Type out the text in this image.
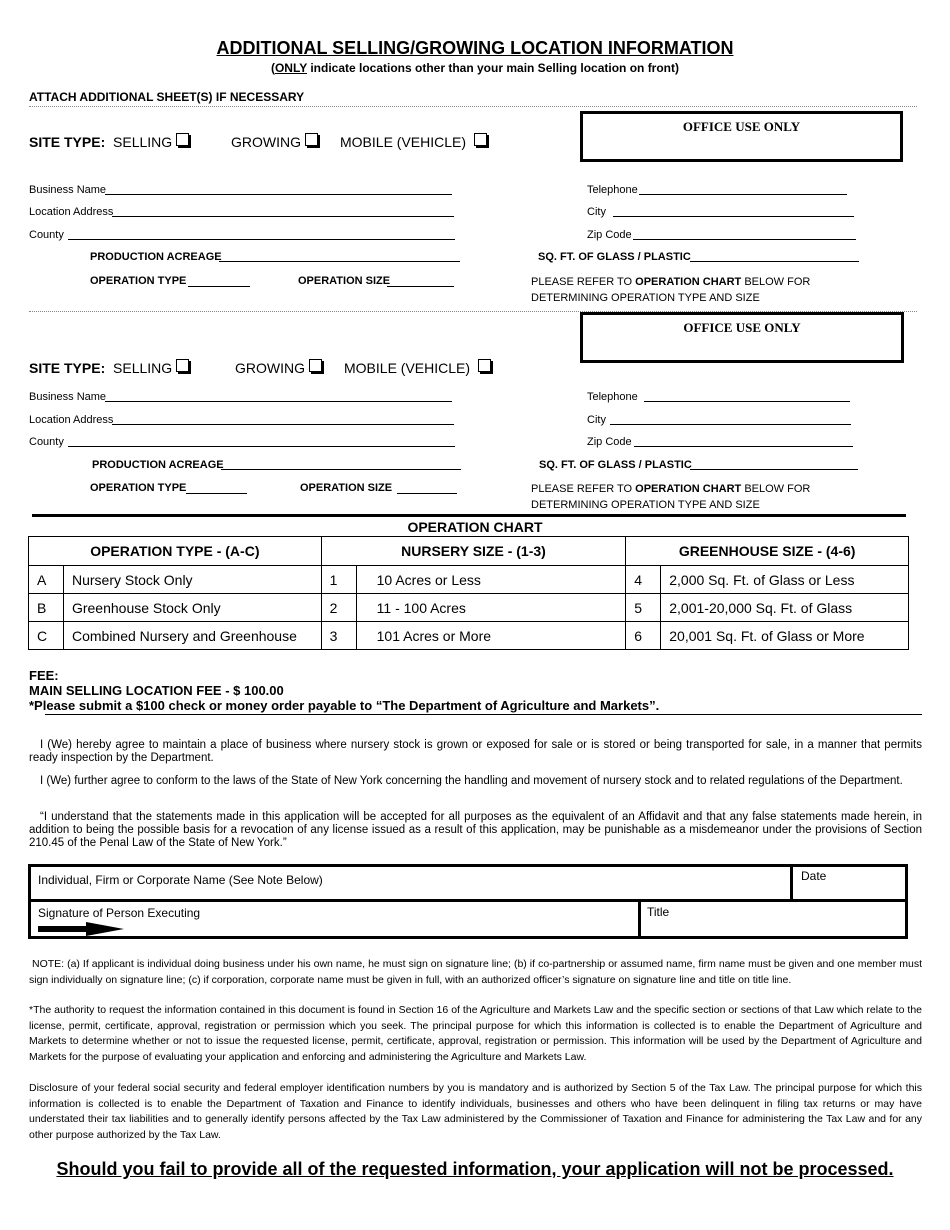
ADDITIONAL SELLING/GROWING LOCATION INFORMATION
(ONLY indicate locations other than your main Selling location on front)
ATTACH ADDITIONAL SHEET(S) IF NECESSARY
SITE TYPE: SELLING	GROWING	MOBILE (VEHICLE)
OFFICE USE ONLY
Business Name
Location Address
County
Telephone
City
Zip Code
PRODUCTION ACREAGE	SQ. FT. OF GLASS / PLASTIC
OPERATION TYPE	OPERATION SIZE	PLEASE REFER TO OPERATION CHART BELOW FOR
DETERMINING OPERATION TYPE AND SIZE
OFFICE USE ONLY
SITE TYPE: SELLING	GROWING	MOBILE (VEHICLE)
Business Name
Location Address
County
Telephone
City
Zip Code
PRODUCTION ACREAGE	SQ. FT. OF GLASS / PLASTIC
OPERATION TYPE	OPERATION SIZE	PLEASE REFER TO OPERATION CHART BELOW FOR
DETERMINING OPERATION TYPE AND SIZE
OPERATION CHART
OPERATION TYPE - (A-C)		NURSERY SIZE - (1-3)		GREENHOUSE SIZE - (4-6)	
A	Nursery Stock Only	1	10 Acres or Less	4	2,000 Sq. Ft. of Glass or Less
B	Greenhouse Stock Only	2	11 - 100 Acres	5	2,001-20,000 Sq. Ft. of Glass
C	Combined Nursery and Greenhouse	3	101 Acres or More	6	20,001 Sq. Ft. of Glass or More
FEE:
MAIN SELLING LOCATION FEE - $ 100.00
*Please submit a $100 check or money order payable to “The Department of Agriculture and Markets”.
I (We) hereby agree to maintain a place of business where nursery stock is grown or exposed for sale or is stored or being transported for sale, in a manner that permits ready inspection by the Department.
I (We) further agree to conform to the laws of the State of New York concerning the handling and movement of nursery stock and to related regulations of the Department.
“I understand that the statements made in this application will be accepted for all purposes as the equivalent of an Affidavit and that any false statements made herein, in addition to being the possible basis for a revocation of any license issued as a result of this application, may be punishable as a misdemeanor under the provisions of Section 210.45 of the Penal Law of the State of New York.”
Individual, Firm or Corporate Name (See Note Below)	Date
Signature of Person Executing	Title
NOTE: (a) If applicant is individual doing business under his own name, he must sign on signature line; (b) if co-partnership or assumed name, firm name must be given and one member must sign individually on signature line; (c) if corporation, corporate name must be given in full, with an authorized officer’s signature on signature line and title on title line.
*The authority to request the information contained in this document is found in Section 16 of the Agriculture and Markets Law and the specific section or sections of that Law which relate to the license, permit, certificate, approval, registration or permission which you seek. The principal purpose for which this information is collected is to enable the Department of Agriculture and Markets to determine whether or not to issue the requested license, permit, certificate, approval, registration or permission. This information will be used by the Department of Agriculture and Markets for the purpose of evaluating your application and enforcing and administering the Agriculture and Markets Law.
Disclosure of your federal social security and federal employer identification numbers by you is mandatory and is authorized by Section 5 of the Tax Law. The principal purpose for which this information is collected is to enable the Department of Taxation and Finance to identify individuals, businesses and others who have been delinquent in filing tax returns or may have understated their tax liabilities and to generally identify persons affected by the Tax Law administered by the Commissioner of Taxation and Finance for administering the Tax Law and for any other purpose authorized by the Tax Law.
Should you fail to provide all of the requested information, your application will not be processed.
